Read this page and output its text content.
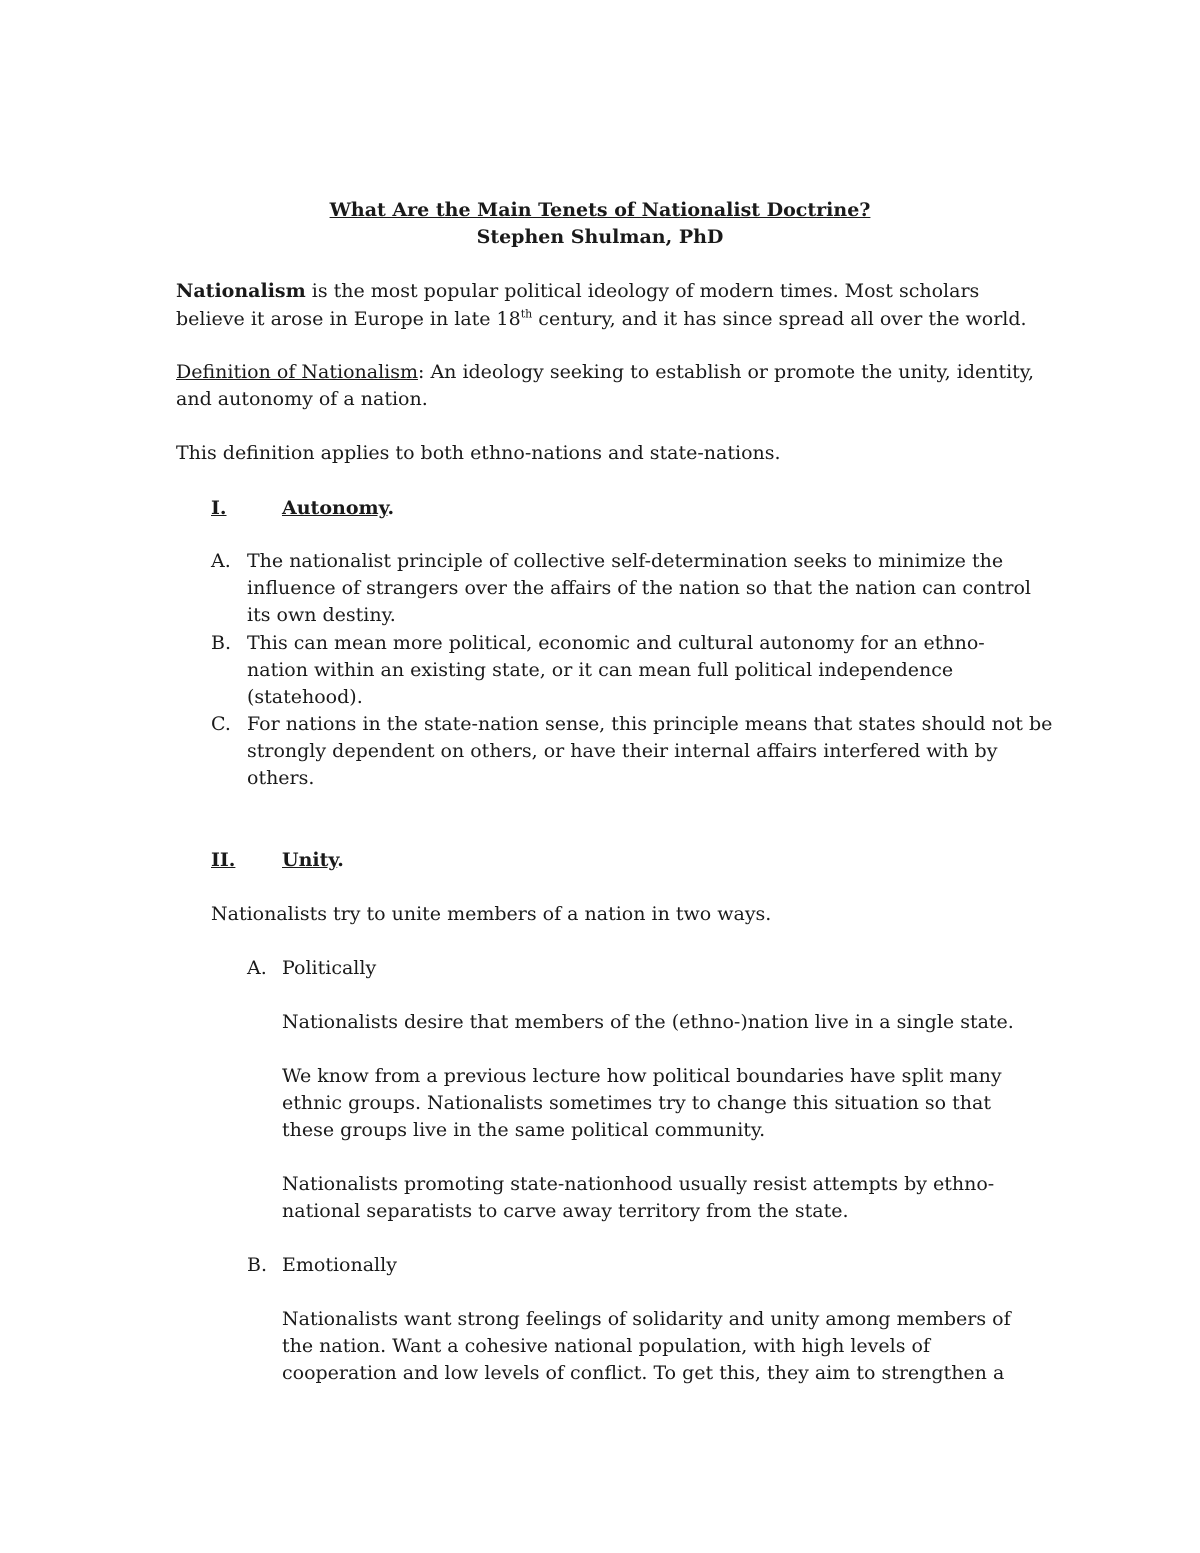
What Are the Main Tenets of Nationalist Doctrine?
Stephen Shulman, PhD
Nationalism is the most popular political ideology of modern times. Most scholars
believe it arose in Europe in late 18th century, and it has since spread all over the world.
Definition of Nationalism: An ideology seeking to establish or promote the unity, identity,
and autonomy of a nation.
This definition applies to both ethno-nations and state-nations.
I.	Autonomy.
A. The nationalist principle of collective self-determination seeks to minimize the
influence of strangers over the affairs of the nation so that the nation can control
its own destiny.
B. This can mean more political, economic and cultural autonomy for an ethno-
nation within an existing state, or it can mean full political independence
(statehood).
C. For nations in the state-nation sense, this principle means that states should not be
strongly dependent on others, or have their internal affairs interfered with by
others.
II. Unity.
Nationalists try to unite members of a nation in two ways.
A. Politically
Nationalists desire that members of the (ethno-)nation live in a single state.
We know from a previous lecture how political boundaries have split many
ethnic groups. Nationalists sometimes try to change this situation so that
these groups live in the same political community.
Nationalists promoting state-nationhood usually resist attempts by ethno-
national separatists to carve away territory from the state.
B. Emotionally
Nationalists want strong feelings of solidarity and unity among members of
the nation. Want a cohesive national population, with high levels of
cooperation and low levels of conflict. To get this, they aim to strengthen a
